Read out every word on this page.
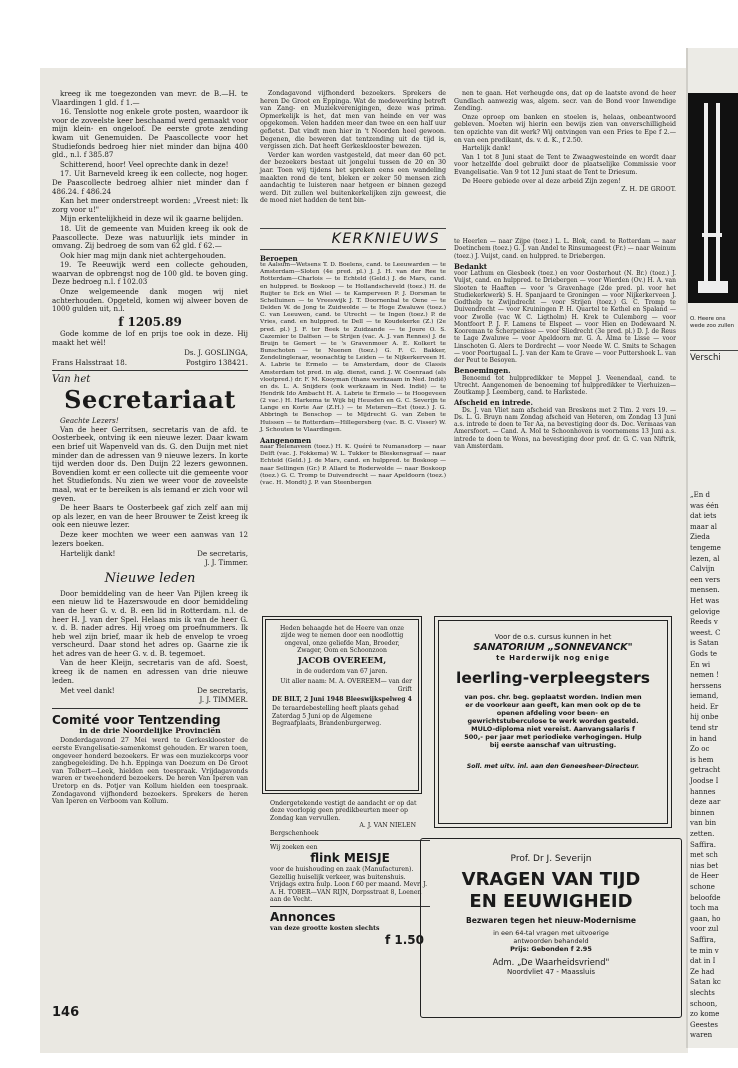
kreeg ik me toegezonden van mevr. de B.—H. te Vlaardingen 1 gld. f 1.—
16. Tenslotte nog enkele grote posten, waardoor ik voor de zoveelste keer beschaamd werd gemaakt voor mijn klein- en ongeloof. De eerste grote zending kwam uit Genemuiden. De Paascollecte voor het Studiefonds bedroeg hier niet minder dan bijna 400 gld., n.l. f 385.87
Schitterend, hoor! Veel oprechte dank in deze!
17. Uit Barneveld kreeg ik een collecte, nog hoger. De Paascollecte bedroeg alhier niet minder dan f 486.24. f 486.24
Kan het meer onderstreept worden: „Vreest niet: Ik zorg voor u!"
Mijn erkentelijkheid in deze wil ik gaarne belijden.
18. Uit de gemeente van Muiden kreeg ik ook de Paascollecte. Deze was natuurlijk iets minder in omvang. Zij bedroeg de som van 62 gld. f 62.—
Ook hier mag mijn dank niet achtergehouden.
19. Te Reeuwijk werd een collecte gehouden, waarvan de opbrengst nog de 100 gld. te boven ging. Deze bedroeg n.l. f 102.03
Onze welgemeende dank mogen wij niet achterhouden. Opgeteld, komen wij alweer boven de 1000 gulden uit, n.l.
f 1205.89
Gode komme de lof en prijs toe ook in deze. Hij maakt het wèl!
Ds. J. GOSLINGA,
Frans Halsstraat 18.	Postgiro 138421.
Van het
Secretariaat
Geachte Lezers!
Van de heer Gerritsen, secretaris van de afd. te Oosterbeek, ontving ik een nieuwe lezer. Daar kwam een brief uit Wapenveld van ds. G. den Duijn met niet minder dan de adressen van 9 nieuwe lezers. In korte tijd werden door ds. Den Duijn 22 lezers gewonnen. Bovendien komt er een collecte uit die gemeente voor het Studiefonds. Nu zien we weer voor de zoveelste maal, wat er te bereiken is als iemand er zich voor wil geven.
De heer Baars te Oosterbeek gaf zich zelf aan mij op als lezer, en van de heer Brouwer te Zeist kreeg ik ook een nieuwe lezer.
Deze keer mochten we weer een aanwas van 12 lezers boeken.
Hartelijk dank!	De secretaris,
J. J. Timmer.
Nieuwe leden
Door bemiddeling van de heer Van Pijlen kreeg ik een nieuw lid te Hazerswoude en door bemiddeling van de heer G. v. d. B. een lid in Rotterdam. n.l. de heer H. J. van der Spel. Helaas mis ik van de heer G. v. d. B. nader adres. Hij vroeg om proefnummers. Ik heb wel zijn brief, maar ik heb de envelop te vroeg verscheurd. Daar stond het adres op. Gaarne zie ik het adres van de heer G. v. d. B. tegemoet.
Van de heer Kleijn, secretaris van de afd. Soest, kreeg ik de namen en adressen van drie nieuwe leden.
Met veel dank!	De secretaris,
J. J. TIMMER.
Comité voor Tentzending
in de drie Noordelijke Provinciën
Donderdagavond 27 Mei werd te Gerkesklooster de eerste Evangelisatie-samenkomst gehouden. Er waren toen, ongeveer honderd bezoekers. Er was een muziekcorps voor zangbegeleiding. De h.h. Eppinga van Doezum en De Groot van Tolbert—Leek, hielden een toespraak. Vrijdagavonds waren er tweehonderd bezoekers. De heren Van Iperen van Uretorp en ds. Potjer van Kollum hielden een toespraak. Zondagavond vijfhonderd bezoekers. Sprekers de heren Van Iperen en Verboom van Kollum.
146
Zondagavond vijfhonderd bezoekers. Sprekers de heren De Groot en Eppinga. Wat de medewerking betreft van Zang- en Muziekverenigingen, deze was prima. Opmerkelijk is het, dat men van heinde en ver was opgekomen. Velen hadden meer dan twee en een half uur gefietst. Dat vindt men hier in 't Noorden heel gewoon. Degenen, die beweren dat tentzending uit de tijd is, vergissen zich. Dat heeft Gerkesklooster bewezen.
Verder kan worden vastgesteld, dat meer dan 60 pct. der bezoekers bestaat uit jongelui tussen de 20 en 30 jaar. Toen wij tijdens het spreken eens een wandeling maakten rond de tent, bleken er zeker 50 mensen zich aandachtig te luisteren naar hetgeen er binnen gezegd werd. Dit zullen wel buitenkerkelijken zijn geweest, die de moed niet hadden de tent bin-
nen te gaan. Het verheugde ons, dat op de laatste avond de heer Gundlach aanwezig was, algem. secr. van de Bond voor Inwendige Zending.
Onze oproep om banken en stoelen is, helaas, onbeantwoord gebleven. Moeten wij hierin een bewijs zien van onverschilligheid ten opzichte van dit werk? Wij ontvingen van een Fries te Epe f 2.— en van een predikant, ds. v. d. K., f 2.50.
Hartelijk dank!
Van 1 tot 8 Juni staat de Tent te Zwaagwesteinde en wordt daar voor hetzelfde doel gebruikt door de plaatselijke Commissie voor Evangelisatie. Van 9 tot 12 Juni staat de Tent te Driesum.
De Heere gebiede over al deze arbeid Zijn zegen!
Z. H. DE GROOT.
KERKNIEUWS
Beroepen
te Aalsum—Wetsens T. D. Boelens, cand. te Leeuwarden — te Amsterdam—Sloten (4e pred. pl.) J. J. H. van der Ree te Rotterdam—Charlois — te Echteld (Geld.) J. de Mars, cand. en hulppred. te Boskoop — te Hollandscheveld (toez.) H. de Ruijter te Eck en Wiel — te Kamperveen P. J. Dorsman te Schelluinen — te Vreeswijk J. T. Doornenbal te Oene — te Delden W. de Jong te Zuidwolde — te Hoge Zwaluwe (toez.) C. van Leeuwen, cand. te Utrecht — te Ingen (toez.) P. de Vries, cand. en hulppred. te Dell — te Koudekerke (Z.) (2e pred. pl.) J. F. ter Beek te Zuidzande — te Joure O. S. Cazemier te Dalfsen — te Strijen (vac. A. J. van Rennes) J. de Bruijn te Gemert — te 's Gravenmoer A. E. Kolkert te Bunschoten — te Nuenen (toez.) G. F. C. Bakker, Zendelingleraar, woonachtig te Leiden — te Nijkerkerveen H. A. Labrie te Ermelo — te Amsterdam, door de Classis Amsterdam tot pred. in alg. dienst, cand. J. W. Coenraad (als vlootpred.) dr. F. M. Kooyman (thans werkzaam in Ned. Indië) en ds. L. A. Snijders (ook werkzaam in Ned. Indië) — te Hendrik Ido Ambacht H. A. Labrie te Ermelo — te Hoogeveen (2 vac.) H. Harkema te Wijk bij Heusden en G. C. Severijn te Lange en Korte Aar (Z.H.) — te Meteren—Est (toez.) J. G. Abbringh te Benschop — te Mijdrecht G. van Zeben te Huissen — te Rotterdam—Hillegersberg (vac. B. C. Visser) W. J. Schouten te Vlaardingen.
Aangenomen
naar Helenaveen (toez.) H. K. Quéré te Numansdorp — naar Delft (vac. J. Fokkema) W. L. Tukker te Bleskensgraaf — naar Echteld (Geld.) J. de Mars, cand. en hulppred. te Boskoop — naar Sellingen (Gr.) P. Allard te Roderwolde — naar Boskoop (toez.) G. C. Tromp te Duivendrecht — naar Apeldoorn (toez.) (vac. H. Mondt) J. P. van Steenbergen
te Heerlen — naar Zijpe (toez.) L. L. Blok, cand. te Rotterdam — naar Doetinchem (toez.) G. J. van Andel te Rinsumageest (Fr.) — naar Weinum (toez.) J. Vuijst, cand. en hulppred. te Driebergen.
Bedankt
voor Lathum en Giesbeek (toez.) en voor Oosterhout (N. Br.) (toez.) J. Vuijst, cand. en hulppred. te Driebergen — voor Wierden (Ov.) H. A. van Slooten te Haaften — voor 's Gravenhage (2de pred. pl. voor het Studiekerkwerk) S. H. Spanjaard te Groningen — voor Nijkerkerveen J. Godthelp te Zwijndrecht — voor Strijen (toez.) G. C. Tromp te Duivendrecht — voor Kruiningen P. H. Quartel te Kethel en Spaland — voor Zwolle (vac W. C. Ligtholm) H. Krek te Culemborg — voor Montfoort P. J. F. Lamens te Elspeet — voor Hien en Dodewaard N. Kooreman te Scherpenisse — voor Sliedrecht (3e pred. pl.) D. J. de Reus te Lage Zwaluwe — voor Apeldoorn mr. G. A. Alma te Lisse — voor Linschoten G. Alers te Dordrecht — voor Neede W. C. Smits te Schagen — voor Poortugaal L. J. van der Kam te Grave — voor Puttershoek L. van der Peut te Besoyen.
Benoemingen.
Benoemd tot hulppredikker te Meppel J. Veenendaal, cand. te Utrecht. Aangenomen de benoeming tot hulppredikker te Vierhuizen—Zoutkamp J. Leemberg, cand. te Harkstede.
Afscheid en intrede.
Ds. J. van Vliet nam afscheid van Breskens met 2 Tim. 2 vers 19. — Ds. L. G. Bruyn nam Zondag afscheid van Heteren, om Zondag 13 Juni a.s. intrede te doen te Ter Aa, na bevestiging door ds. Doc. Vermaas van Amersfoort. — Cand. A. Mol te Schoonhoven is voornemens 13 Juni a.s. intrede te doen te Wons, na bevestiging door prof. dr. G. C. van Niftrik, van Amsterdam.
Heden behaagde het de Heere van onze zijde weg te nemen door een noodlottig ongeval, onze geliefde Man, Broeder, Zwager, Oom en Schoonzoon
JACOB OVEREEM,
in de ouderdom van 67 jaren.
Uit aller naam: M. A. OVEREEM— van der Grift
DE BILT, 2 Juni 1948 Bleeswijkspelweg 4
De teraardebestelling heeft plaats gehad Zaterdag 5 Juni op de Algemene Begraafplaats, Brandenburgerweg.
Ondergetekende vestigt de aandacht er op dat deze voorlopig geen predikbeurten meer op Zondag kan vervullen.
A. J. VAN NIELEN
Bergschenhoek
Wij zoeken een
flink MEISJE
voor de huishouding en zaak (Manufacturen). Gezellig huiselijk verkeer, was buitenshuis. Vrijdags extra hulp. Loon f 60 per maand. Mevr. J. A. H. TOBER—VAN RIJN, Dorpsstraat 8, Loenen aan de Vecht.
Annonces
van deze grootte kosten slechts
f 1.50
Voor de o.s. cursus kunnen in het
SANATORIUM „SONNEVANCK"
te Harderwijk nog enige
leerling-verpleegsters
van pos. chr. beg. geplaatst worden. Indien men er de voorkeur aan geeft, kan men ook op de te openen afdeling voor been- en gewrichtstuberculose te werk worden gesteld. MULO-diploma niet vereist. Aanvangsalaris f 500,- per jaar met periodieke verhogingen. Hulp bij eerste aanschaf van uitrusting.
Soll. met uitv. inl. aan den Geneesheer-Directeur.
Prof. Dr J. Severijn
VRAGEN VAN TIJD
EN EEUWIGHEID
Bezwaren tegen het nieuw-Modernisme
in een 64-tal vragen met uitvoerige antwoorden behandeld
Prijs: Gebonden f 2.95
Adm. „De Waarheidsvriend"
Noordvliet 47 - Maassluis
O. Heere ons wede zoo zullen
Verschi
„En d
was één
dat iets
maar al
Zieda
tengeme
lezen, al
Calvijn
een vers
mensen.
Het was
gelovige
Reeds v
weest. C
is Satan
Gods te
En wi
nemen !
herssens
iemand,
heid. Er
hij onbe
tend str
in hand
Zo oc
is hem
getracht
Joodse I
hannes
deze aar
binnen
van bin
zetten.
Saffira.
met sch
nias bet
de Heer
schone
beloofde
toch ma
gaan, ho
voor zul
Saffira,
te min v
dat in I
Ze had
Satan kc
slechts
schoon,
zo kome
Geestes
waren
